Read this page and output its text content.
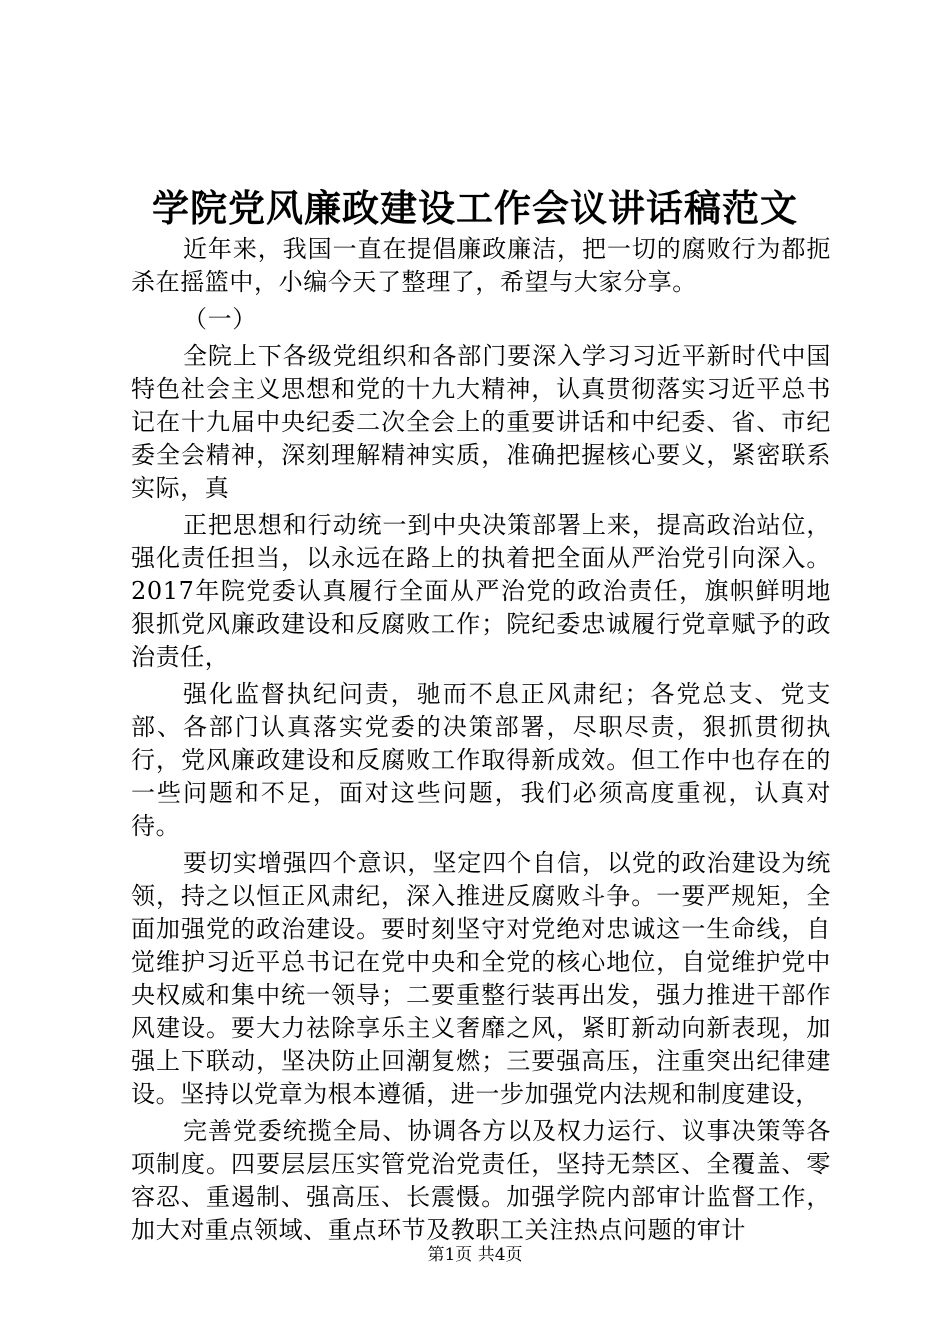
学院党风廉政建设工作会议讲话稿范文

近年来，我国一直在提倡廉政廉洁，把一切的腐败行为都扼杀在摇篮中，小编今天了整理了，希望与大家分享。

（一）

全院上下各级党组织和各部门要深入学习习近平新时代中国特色社会主义思想和党的十九大精神，认真贯彻落实习近平总书记在十九届中央纪委二次全会上的重要讲话和中纪委、省、市纪委全会精神，深刻理解精神实质，准确把握核心要义，紧密联系实际，真

正把思想和行动统一到中央决策部署上来，提高政治站位，强化责任担当，以永远在路上的执着把全面从严治党引向深入。2017年院党委认真履行全面从严治党的政治责任，旗帜鲜明地狠抓党风廉政建设和反腐败工作；院纪委忠诚履行党章赋予的政治责任，

强化监督执纪问责，驰而不息正风肃纪；各党总支、党支部、各部门认真落实党委的决策部署，尽职尽责，狠抓贯彻执行，党风廉政建设和反腐败工作取得新成效。但工作中也存在的一些问题和不足，面对这些问题，我们必须高度重视，认真对待。

要切实增强四个意识，坚定四个自信，以党的政治建设为统领，持之以恒正风肃纪，深入推进反腐败斗争。一要严规矩，全面加强党的政治建设。要时刻坚守对党绝对忠诚这一生命线，自觉维护习近平总书记在党中央和全党的核心地位，自觉维护党中央权威和集中统一领导；二要重整行装再出发，强力推进干部作风建设。要大力祛除享乐主义奢靡之风，紧盯新动向新表现，加强上下联动，坚决防止回潮复燃；三要强高压，注重突出纪律建设。坚持以党章为根本遵循，进一步加强党内法规和制度建设，

完善党委统揽全局、协调各方以及权力运行、议事决策等各项制度。四要层层压实管党治党责任，坚持无禁区、全覆盖、零容忍、重遏制、强高压、长震慑。加强学院内部审计监督工作，加大对重点领域、重点环节及教职工关注热点问题的审计

第1页 共4页
